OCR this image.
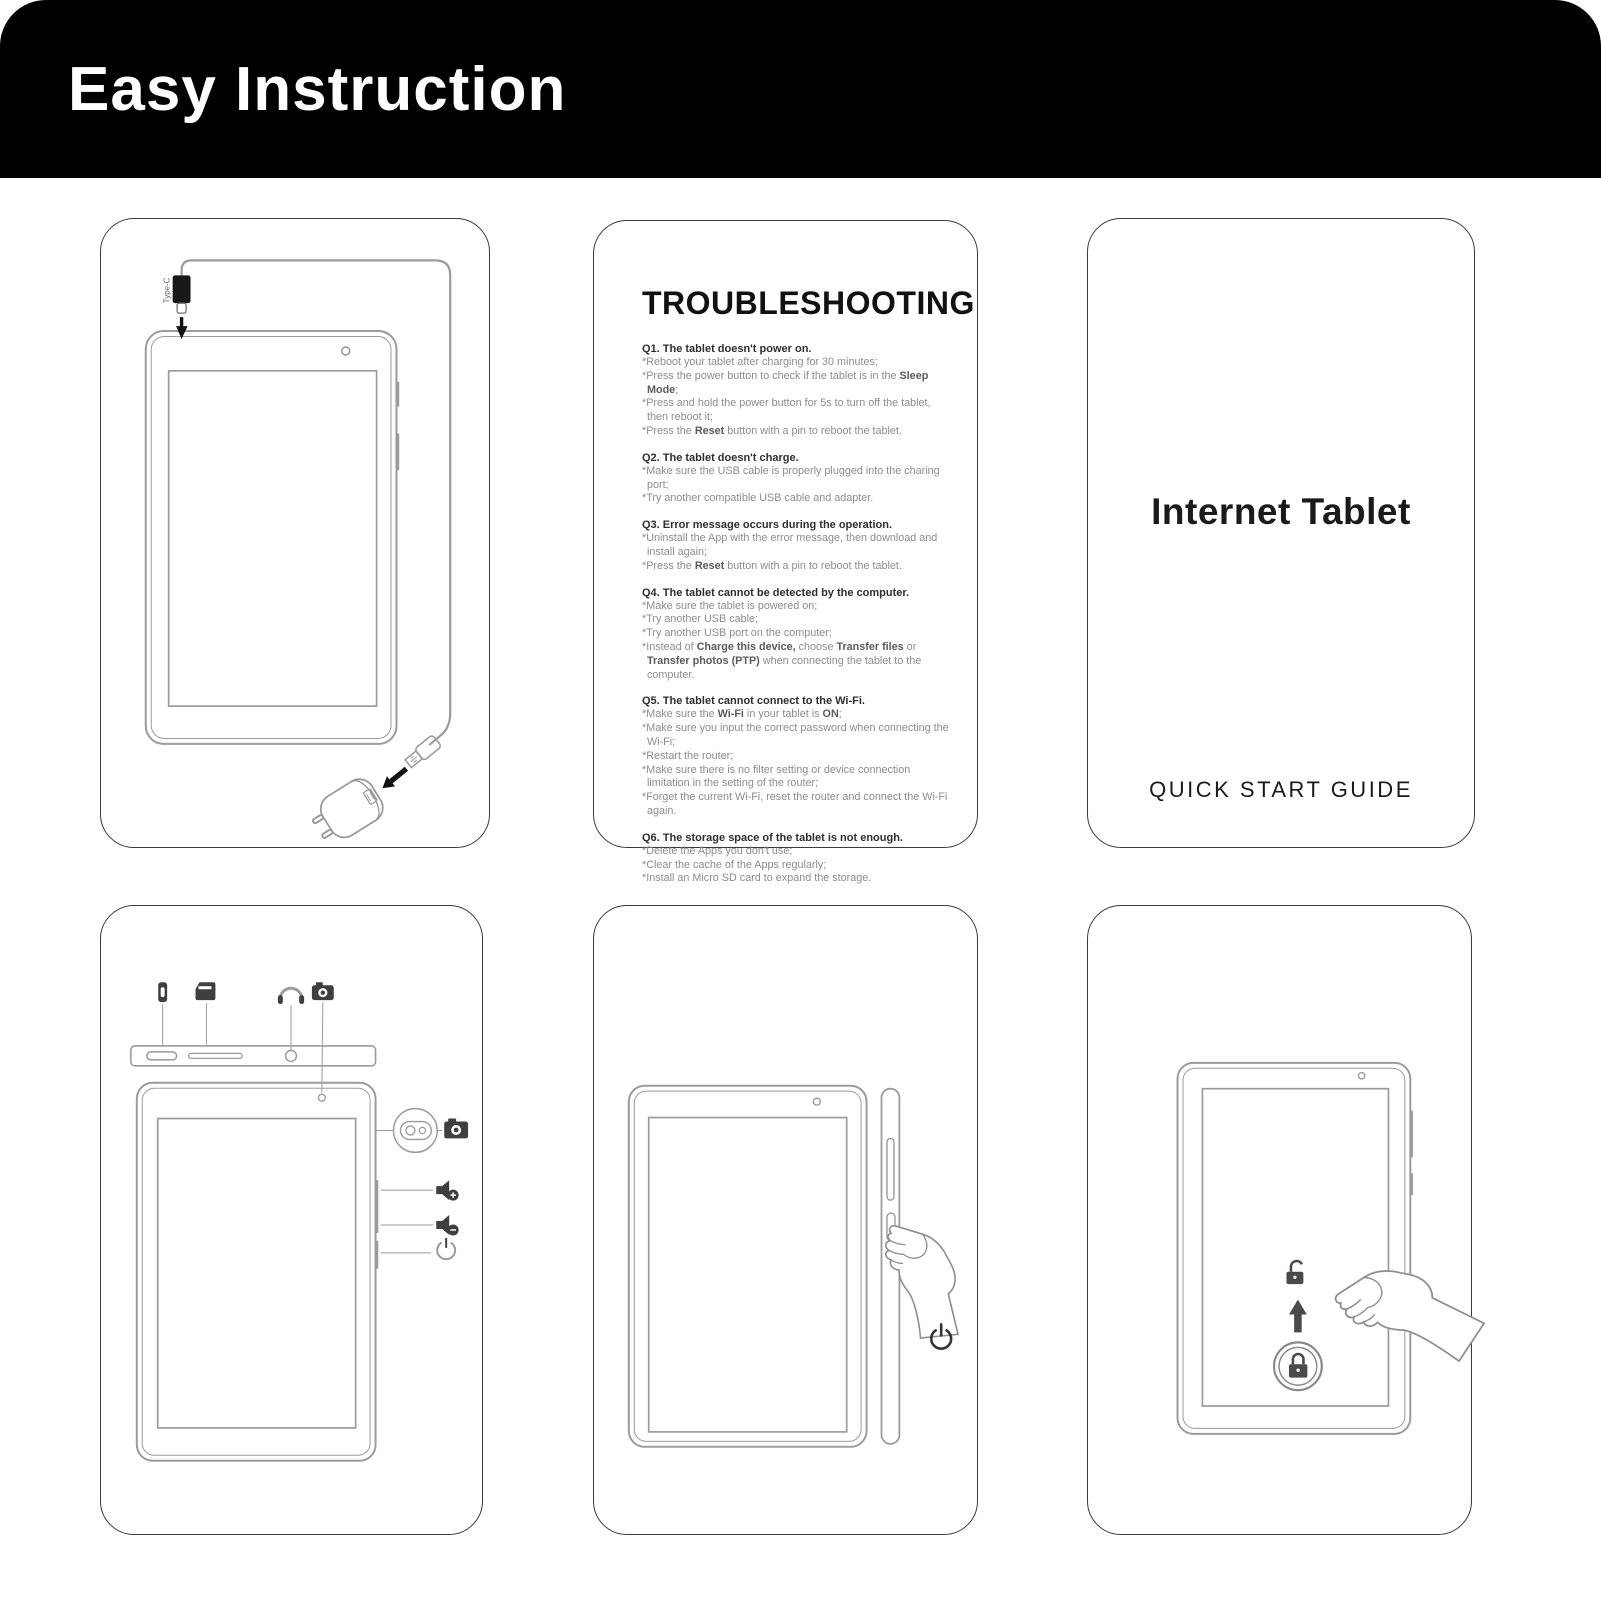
Easy Instruction
Type-C	TROUBLESHOOTING
Q1. The tablet doesn't power on.
*Reboot your tablet after charging for 30 minutes;
*Press the power button to check if the tablet is in the Sleep Mode;
*Press and hold the power button for 5s to turn off the tablet, then reboot it;
*Press the Reset button with a pin to reboot the tablet.
Q2. The tablet doesn't charge.
*Make sure the USB cable is properly plugged into the charing port;
*Try another compatible USB cable and adapter.
Q3. Error message occurs during the operation.
*Uninstall the App with the error message, then download and install again;
*Press the Reset button with a pin to reboot the tablet.
Q4. The tablet cannot be detected by the computer.
*Make sure the tablet is powered on;
*Try another USB cable;
*Try another USB port on the computer;
*Instead of Charge this device, choose Transfer files or Transfer photos (PTP) when connecting the tablet to the computer.
Q5. The tablet cannot connect to the Wi-Fi.
*Make sure the Wi-Fi in your tablet is ON;
*Make sure you input the correct password when connecting the Wi-Fi;
*Restart the router;
*Make sure there is no filter setting or device connection limitation in the setting of the router;
*Forget the current Wi-Fi, reset the router and connect the Wi-Fi again.
Q6. The storage space of the tablet is not enough.
*Delete the Apps you don't use;
*Clear the cache of the Apps regularly;
*Install an Micro SD card to expand the storage.
Internet Tablet
QUICK START GUIDE
